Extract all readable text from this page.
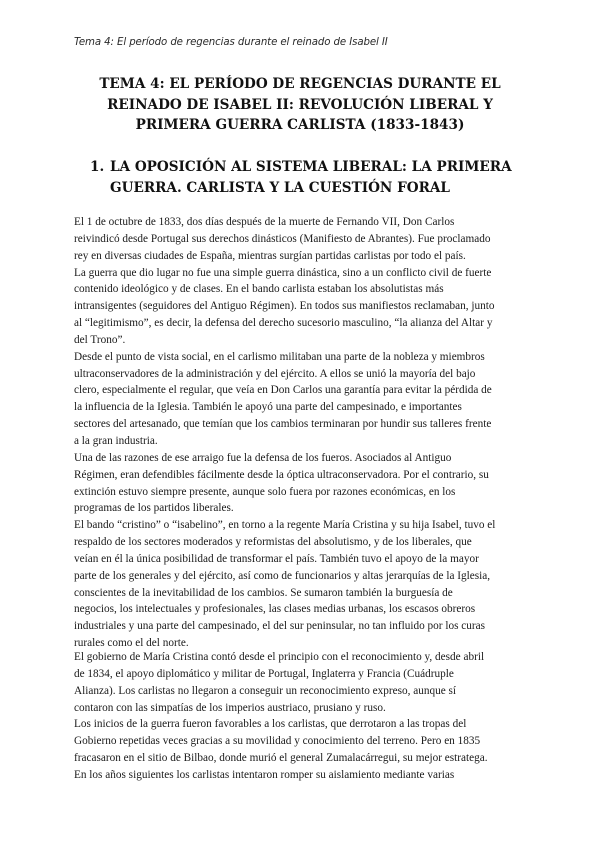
Tema 4: El período de regencias durante el reinado de Isabel II
TEMA 4: EL PERÍODO DE REGENCIAS DURANTE EL
REINADO DE ISABEL II: REVOLUCIÓN LIBERAL Y
PRIMERA GUERRA CARLISTA (1833-1843)
1. LA OPOSICIÓN AL SISTEMA LIBERAL: LA PRIMERA
GUERRA. CARLISTA Y LA CUESTIÓN FORAL
El 1 de octubre de 1833, dos días después de la muerte de Fernando VII, Don Carlos
reivindicó desde Portugal sus derechos dinásticos (Manifiesto de Abrantes). Fue proclamado
rey en diversas ciudades de España, mientras surgían partidas carlistas por todo el país.
La guerra que dio lugar no fue una simple guerra dinástica, sino a un conflicto civil de fuerte
contenido ideológico y de clases. En el bando carlista estaban los absolutistas más
intransigentes (seguidores del Antiguo Régimen). En todos sus manifiestos reclamaban, junto
al “legitimismo”, es decir, la defensa del derecho sucesorio masculino, “la alianza del Altar y
del Trono”.
Desde el punto de vista social, en el carlismo militaban una parte de la nobleza y miembros
ultraconservadores de la administración y del ejército. A ellos se unió la mayoría del bajo
clero, especialmente el regular, que veía en Don Carlos una garantía para evitar la pérdida de
la influencia de la Iglesia. También le apoyó una parte del campesinado, e importantes
sectores del artesanado, que temían que los cambios terminaran por hundir sus talleres frente
a la gran industria.
Una de las razones de ese arraigo fue la defensa de los fueros. Asociados al Antiguo
Régimen, eran defendibles fácilmente desde la óptica ultraconservadora. Por el contrario, su
extinción estuvo siempre presente, aunque solo fuera por razones económicas, en los
programas de los partidos liberales.
El bando “cristino” o “isabelino”, en torno a la regente María Cristina y su hija Isabel, tuvo el
respaldo de los sectores moderados y reformistas del absolutismo, y de los liberales, que
veían en él la única posibilidad de transformar el país. También tuvo el apoyo de la mayor
parte de los generales y del ejército, así como de funcionarios y altas jerarquías de la Iglesia,
conscientes de la inevitabilidad de los cambios. Se sumaron también la burguesía de
negocios, los intelectuales y profesionales, las clases medias urbanas, los escasos obreros
industriales y una parte del campesinado, el del sur peninsular, no tan influido por los curas
rurales como el del norte.
El gobierno de María Cristina contó desde el principio con el reconocimiento y, desde abril
de 1834, el apoyo diplomático y militar de Portugal, Inglaterra y Francia (Cuádruple
Alianza). Los carlistas no llegaron a conseguir un reconocimiento expreso, aunque sí
contaron con las simpatías de los imperios austriaco, prusiano y ruso.
Los inicios de la guerra fueron favorables a los carlistas, que derrotaron a las tropas del
Gobierno repetidas veces gracias a su movilidad y conocimiento del terreno. Pero en 1835
fracasaron en el sitio de Bilbao, donde murió el general Zumalacárregui, su mejor estratega.
En los años siguientes los carlistas intentaron romper su aislamiento mediante varias
